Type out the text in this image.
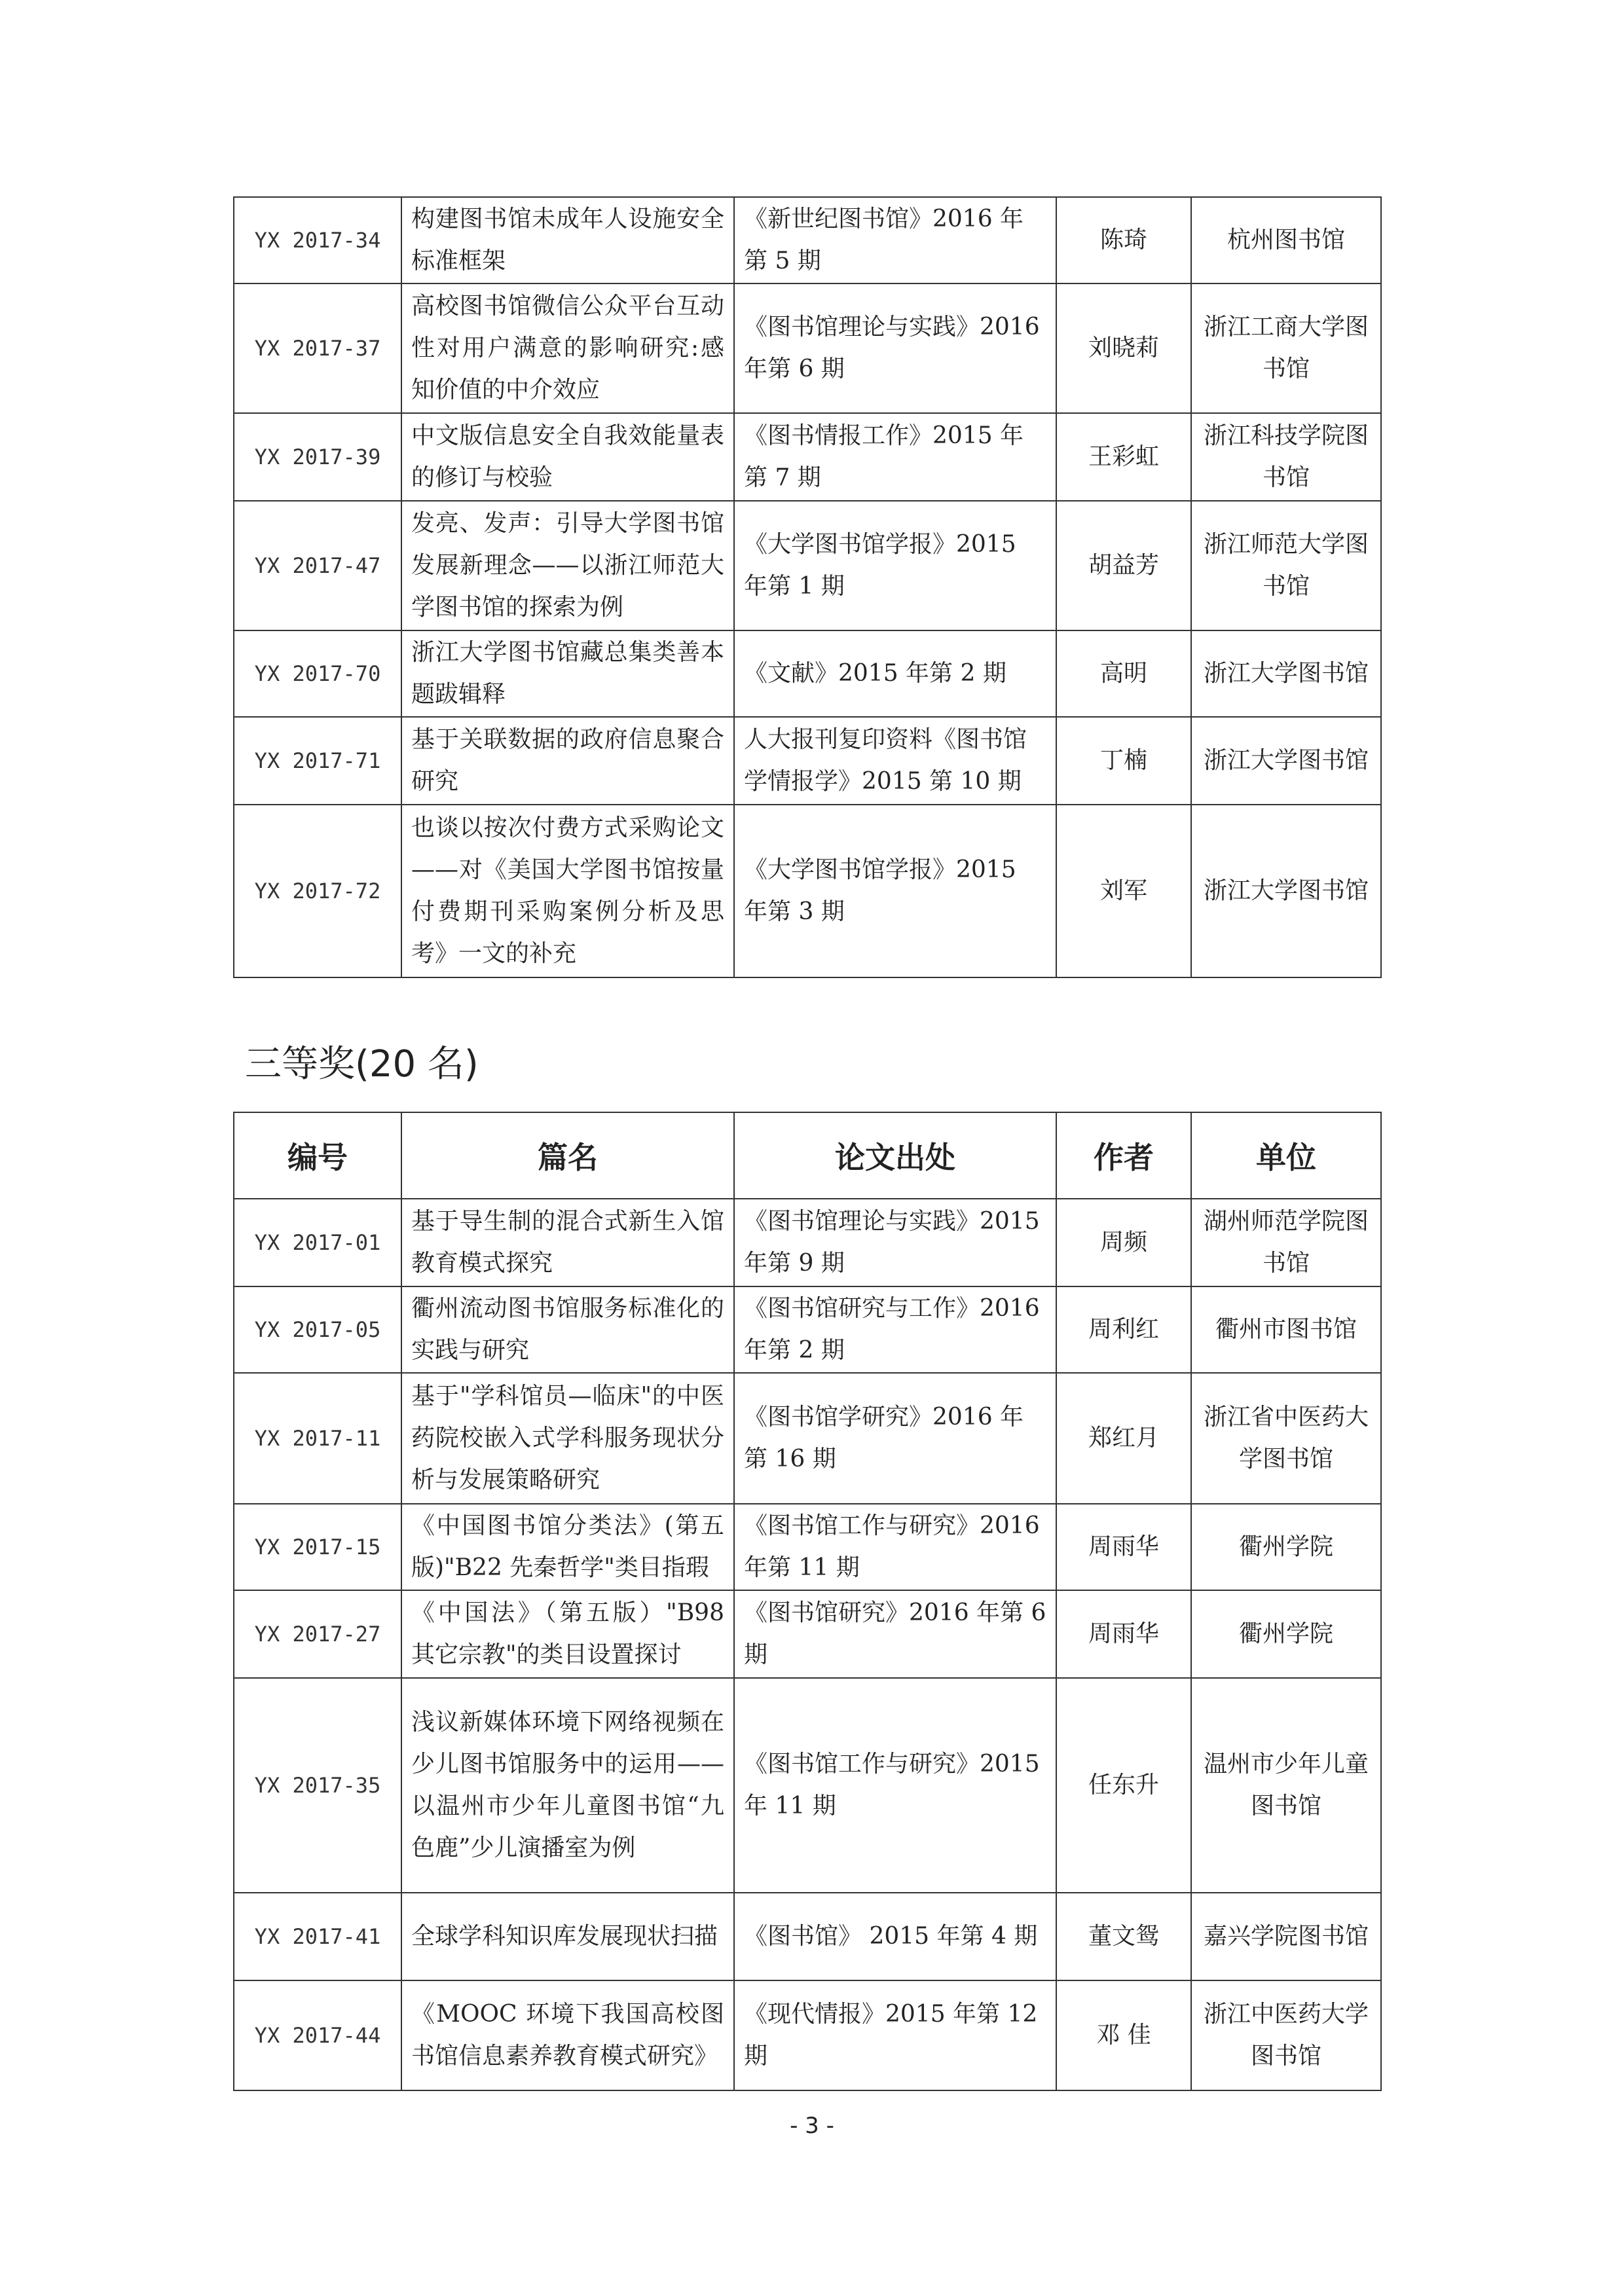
YX 2017-34	构建图书馆未成年人设施安全标准框架	《新世纪图书馆》2016 年第 5 期	陈琦	杭州图书馆
YX 2017-37	高校图书馆微信公众平台互动性对用户满意的影响研究:感知价值的中介效应	《图书馆理论与实践》2016 年第 6 期	刘晓莉	浙江工商大学图书馆
YX 2017-39	中文版信息安全自我效能量表的修订与校验	《图书情报工作》2015 年第 7 期	王彩虹	浙江科技学院图书馆
YX 2017-47	发亮、发声：引导大学图书馆发展新理念——以浙江师范大学图书馆的探索为例	《大学图书馆学报》2015 年第 1 期	胡益芳	浙江师范大学图书馆
YX 2017-70	浙江大学图书馆藏总集类善本题跋辑释	《文献》2015 年第 2 期	高明	浙江大学图书馆
YX 2017-71	基于关联数据的政府信息聚合研究	人大报刊复印资料《图书馆学情报学》2015 第 10 期	丁楠	浙江大学图书馆
YX 2017-72	也谈以按次付费方式采购论文——对《美国大学图书馆按量付费期刊采购案例分析及思考》一文的补充	《大学图书馆学报》2015 年第 3 期	刘军	浙江大学图书馆
三等奖(20 名)
编号	篇名	论文出处	作者	单位
YX 2017-01	基于导生制的混合式新生入馆教育模式探究	《图书馆理论与实践》2015 年第 9 期	周频	湖州师范学院图书馆
YX 2017-05	衢州流动图书馆服务标准化的实践与研究	《图书馆研究与工作》2016 年第 2 期	周利红	衢州市图书馆
YX 2017-11	基于"学科馆员—临床"的中医药院校嵌入式学科服务现状分析与发展策略研究	《图书馆学研究》2016 年第 16 期	郑红月	浙江省中医药大学图书馆
YX 2017-15	《中国图书馆分类法》(第五版)"B22 先秦哲学"类目指瑕	《图书馆工作与研究》2016 年第 11 期	周雨华	衢州学院
YX 2017-27	《中国法》（第五版）"B98 其它宗教"的类目设置探讨	《图书馆研究》2016 年第 6 期	周雨华	衢州学院
YX 2017-35	浅议新媒体环境下网络视频在少儿图书馆服务中的运用——以温州市少年儿童图书馆“九色鹿”少儿演播室为例	《图书馆工作与研究》2015 年 11 期	任东升	温州市少年儿童图书馆
YX 2017-41	全球学科知识库发展现状扫描	《图书馆》 2015 年第 4 期	董文鸳	嘉兴学院图书馆
YX 2017-44	《MOOC 环境下我国高校图书馆信息素养教育模式研究》	《现代情报》2015 年第 12 期	邓 佳	浙江中医药大学图书馆
- 3 -
